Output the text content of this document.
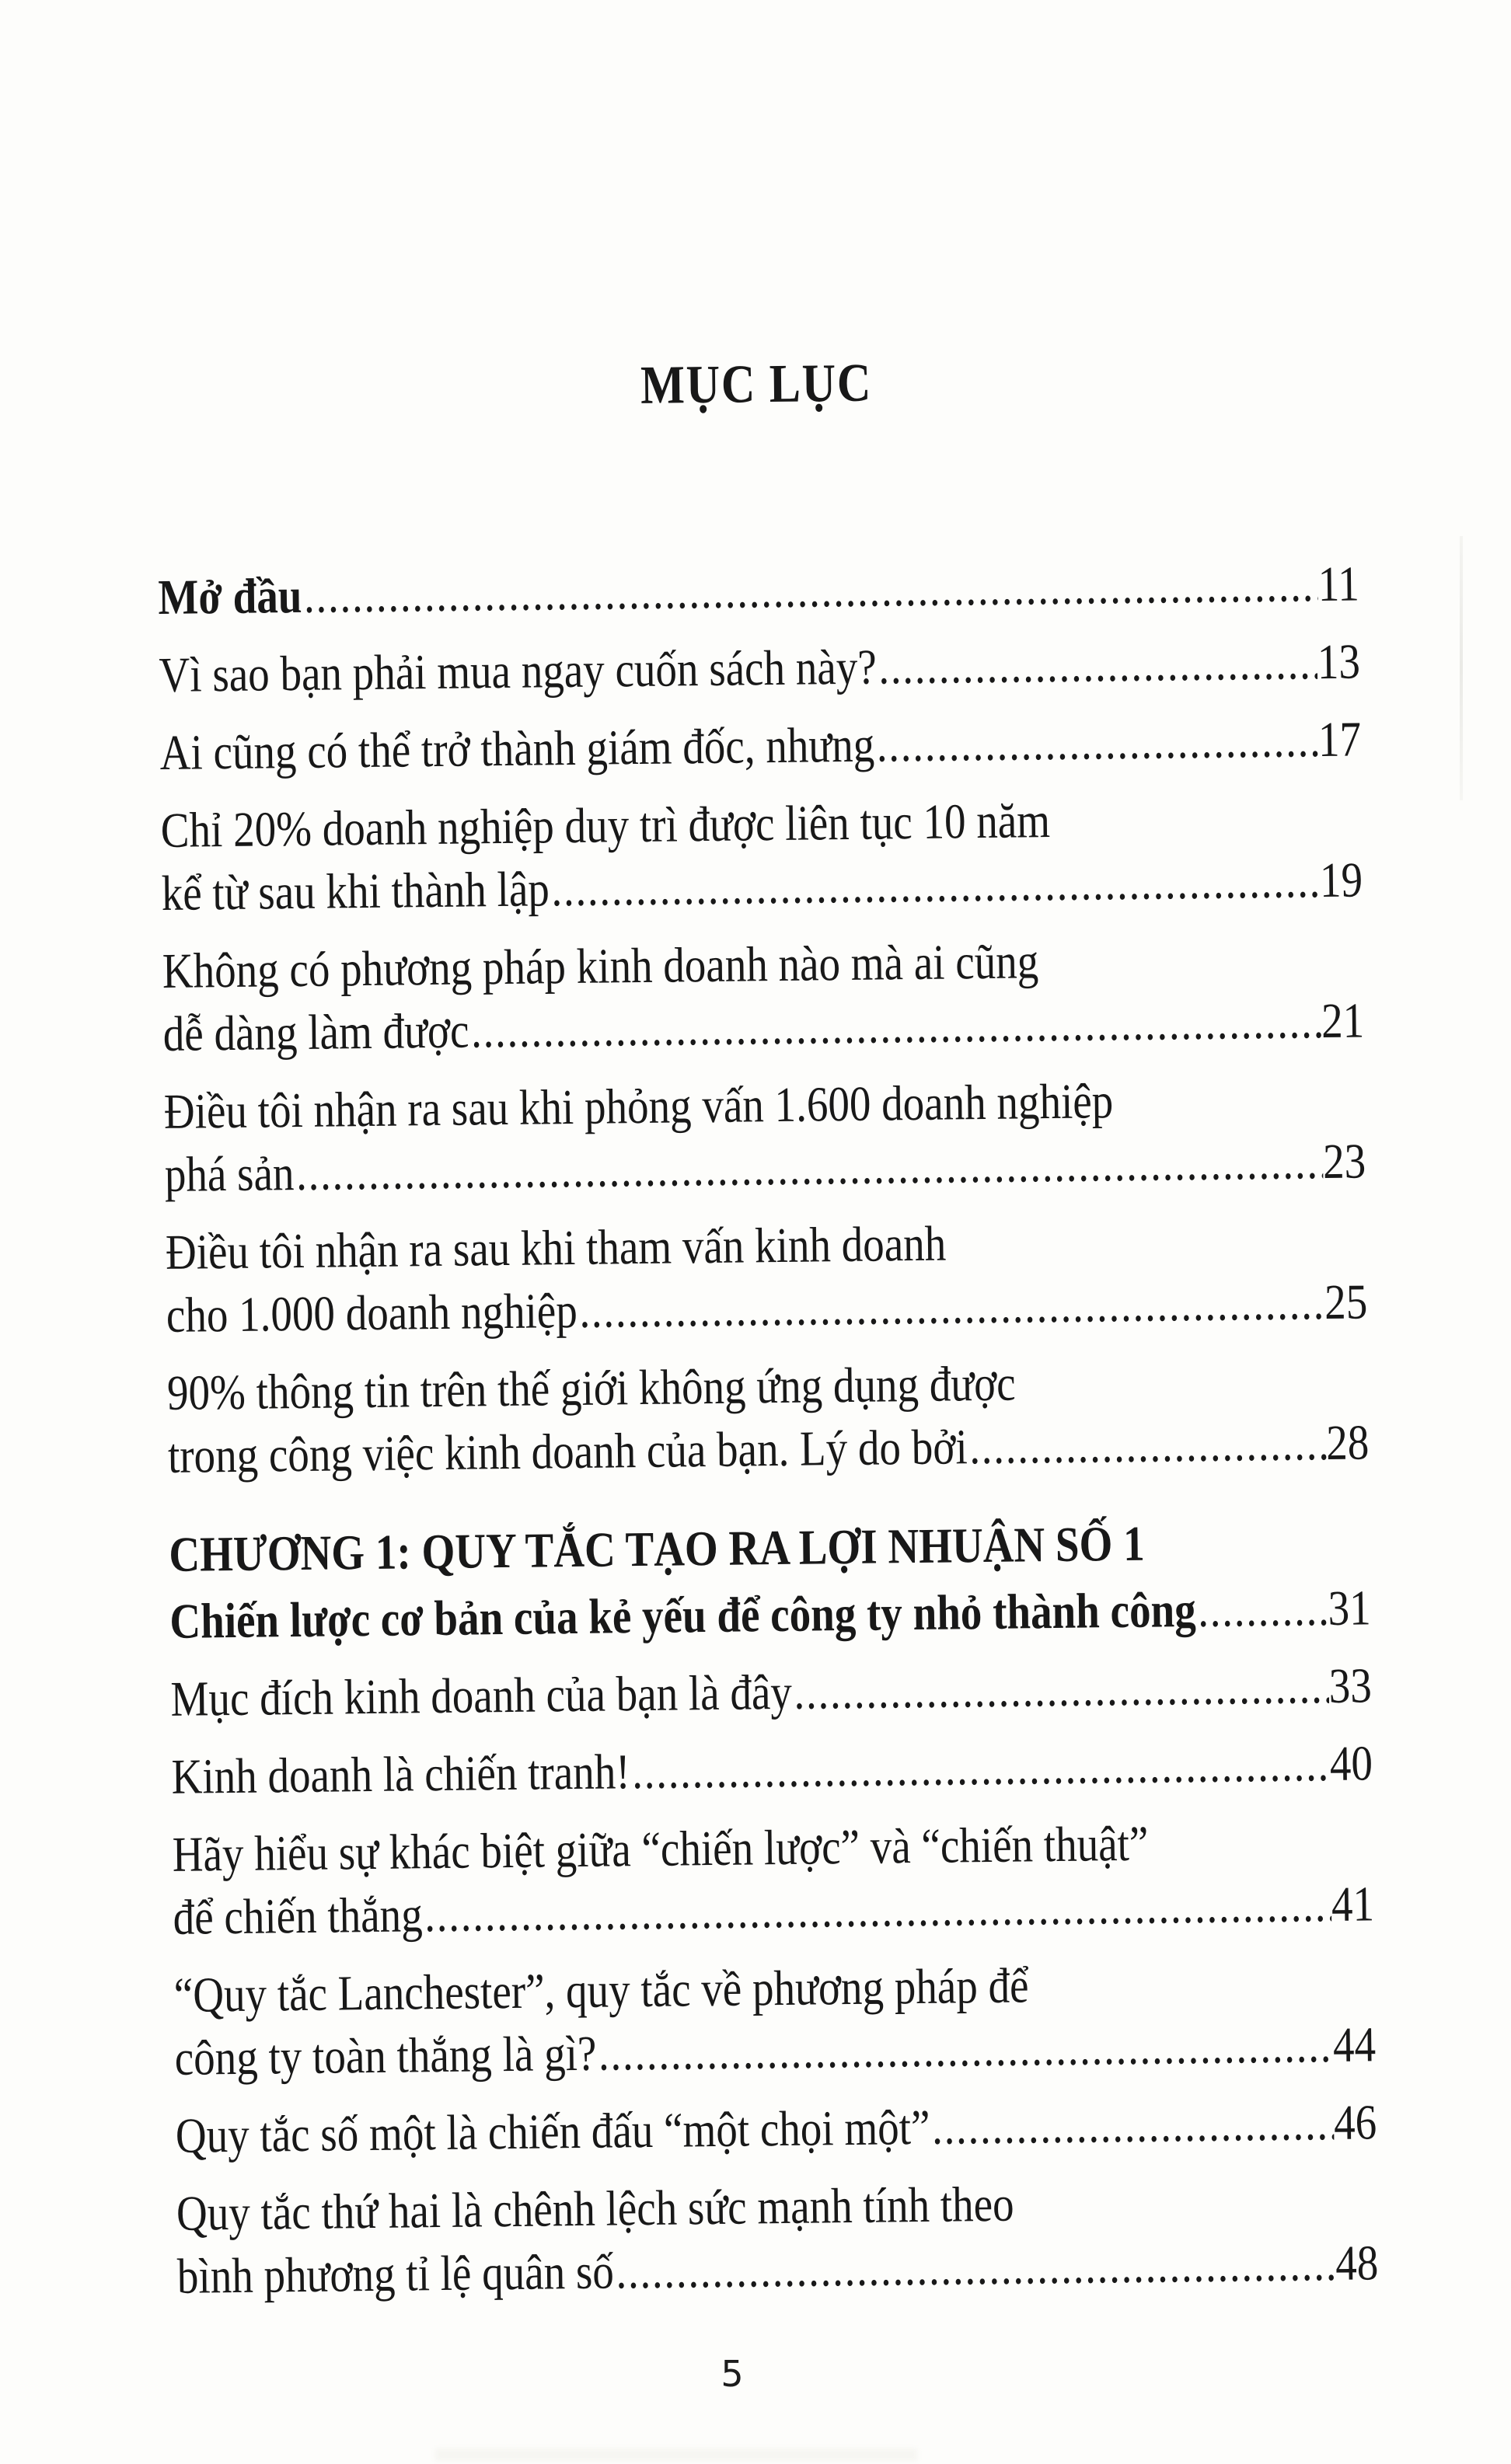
MỤC LỤC
Mở đầu .....	11
Vì sao bạn phải mua ngay cuốn sách này? .....	13
Ai cũng có thể trở thành giám đốc, nhưng .....	17
Chỉ 20% doanh nghiệp duy trì được liên tục 10 năm
kể từ sau khi thành lập .....	19
Không có phương pháp kinh doanh nào mà ai cũng
dễ dàng làm được .....	21
Điều tôi nhận ra sau khi phỏng vấn 1.600 doanh nghiệp
phá sản .....	23
Điều tôi nhận ra sau khi tham vấn kinh doanh
cho 1.000 doanh nghiệp .....	25
90% thông tin trên thế giới không ứng dụng được
trong công việc kinh doanh của bạn. Lý do bởi .....	28
CHƯƠNG 1: QUY TẮC TẠO RA LỢI NHUẬN SỐ 1
Chiến lược cơ bản của kẻ yếu để công ty nhỏ thành công .....	31
Mục đích kinh doanh của bạn là đây .....	33
Kinh doanh là chiến tranh! .....	40
Hãy hiểu sự khác biệt giữa “chiến lược” và “chiến thuật”
để chiến thắng .....	41
“Quy tắc Lanchester”, quy tắc về phương pháp để
công ty toàn thắng là gì? .....	44
Quy tắc số một là chiến đấu “một chọi một” .....	46
Quy tắc thứ hai là chênh lệch sức mạnh tính theo
bình phương tỉ lệ quân số .....	48
5
